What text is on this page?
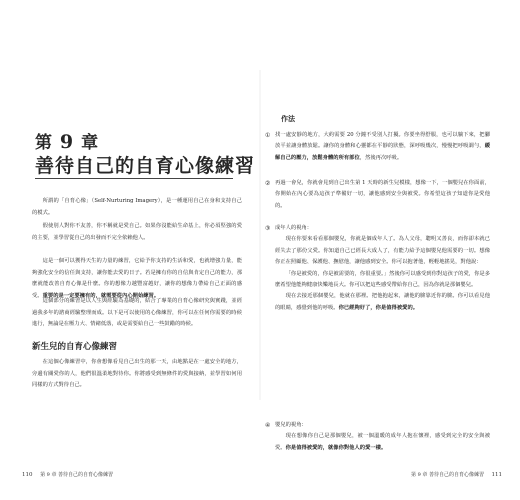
第 9 章
善待自己的自育心像練習

所謂的「自育心像」（Self-Nurturing Imagery），是一種運用自己在身和支持自己的模式。

假使別人對你不友善，你不稱就是愛自己。如果你沒能給生命基上，你必須堅強的愛的主要，並學習從自己的出發而不完全依賴他人。

這是一個可以獲得天生的力量的練習，它給予你支持的生活和愛，也就增強力量，能夠強化安全的信任與支持，讓你能去愛的日子。若是擁有你的自信與肯定自己的能力，那麼就能改善自育心像是什麼。你的想像力越豐富越好，讓你的想像力帶給自己正面的感受。重要的是一定要擁有的，就需要從內心開始練習。

這個部分的練習是以人生與經驗為基礎的，結合了專業的自育心像研究與實踐，並經過我多年的諮商經驗整理而成。以下是可以使用的心像練習，你可以在任何你需要的時候進行，無論是在壓力大、情緒低落，或是需要給自己一些鼓勵的時候。

新生兒的自育心像練習

在這個心像練習中，你會想像看見自己出生的那一天，由地點是在一處安全的地方，旁邊有關愛你的人，他們很溫柔地對待你。你將感受到無條件的愛與接納，並學習如何用同樣的方式對待自己。

110 第 9 章 善待自己的自育心像練習
作法
① 找一處安靜的地方，大約需要 20 分鐘不受別人打擾。你要坐得舒服，也可以躺下來，把腳放平並讓身體放鬆。讓你的身體和心靈都在平靜的狀態，深呼吸幾次，慢慢把呼吸調勻，緩解自己的壓力，放鬆身體的所有部位，然後再次呼吸。

② 再過一會兒，你就會見到自己出生第 1 天時的新生兒模樣，想像一下，一個嬰兒在你面前，你開始在內心要為這孩子準備好一切，讓他感到安全與被愛。你希望這孩子知道你是愛他的。

③ 成年人的視角：

現在你要來看看那個嬰兒，你就是個成年人了。為人父母，聰明又善良，而你卻本就已經失去了那份父愛。你知道自己已經長大成人了，有能力給予這個嬰兒他需要的一切。想像你正在照顧他、保護他、撫慰他，讓他感到安全。你可以抱著他，輕輕地搖晃，對他說：

「你是被愛的，你是被需要的，你很重要。」然後你可以感受到你對這孩子的愛，你是多麼希望他能夠健康快樂地長大。你可以把這些感受帶給你自己，因為你就是那個嬰兒。

現在去接近那個嬰兒，他就在那裡。把他抱起來，讓他的臉靠近你的臉。你可以看見他的眼睛，感覺到他的呼吸。你已經夠好了，你是值得被愛的。

④ 嬰兒的視角：

現在想像你自己是那個嬰兒，被一個溫暖的成年人抱在懷裡，感受到完全的安全與被愛。你是值得被愛的，就像你對他人的愛一樣。

第 9 章 善待自己的自育心像練習 111
